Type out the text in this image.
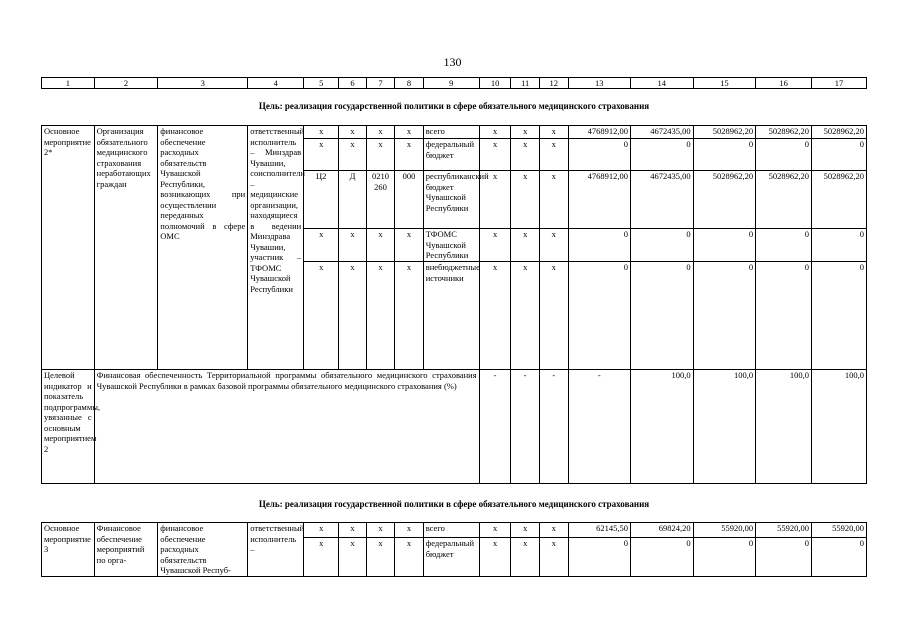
130
1	2	3	4	5	6	7	8	9	10	11	12	13	14	15	16	17
Цель: реализация государственной политики в сфере обязательного медицинского страхования
Основное мероприятие 2*	Организация обязательного медицинского страхования неработающих граждан	финансовое обеспечение расходных обязательств Чувашской Республики, возникающих при осуществлении переданных полномочий в сфере ОМС	ответственный исполнитель – Минздрав Чувашии, соисполнители – медицинские организации, находящиеся в ведении Минздрава Чувашии, участник – ТФОМС Чувашской Республики	x	x	x	x	всего	x	x	x	4768912,00	4672435,00	5028962,20	5028962,20	5028962,20
				x	x	x	x	федеральный бюджет	x	x	x	0	0	0	0	0
				Ц2	Д	0210 260	000	республиканский бюджет Чувашской Республики	x	x	x	4768912,00	4672435,00	5028962,20	5028962,20	5028962,20
				x	x	x	x	ТФОМС Чувашской Республики	x	x	x	0	0	0	0	0
				x	x	x	x	внебюджетные источники	x	x	x	0	0	0	0	0
Целевой индикатор и показатель подпрограммы, увязанные с основным мероприятием 2	Финансовая обеспеченность Территориальной программы обязательного медицинского страхования Чувашской Республики в рамках базовой программы обязательного медицинского страхования (%)								-	-	-	-	100,0	100,0	100,0	100,0
Цель: реализация государственной политики в сфере обязательного медицинского страхования
Основное мероприятие 3	Финансовое обеспечение мероприятий по орга-	финансовое обеспечение расходных обязательств Чувашской Респуб-	ответственный исполнитель –	x	x	x	x	всего	x	x	x	62145,50	69824,20	55920,00	55920,00	55920,00
				x	x	x	x	федеральный бюджет	x	x	x	0	0	0	0	0
